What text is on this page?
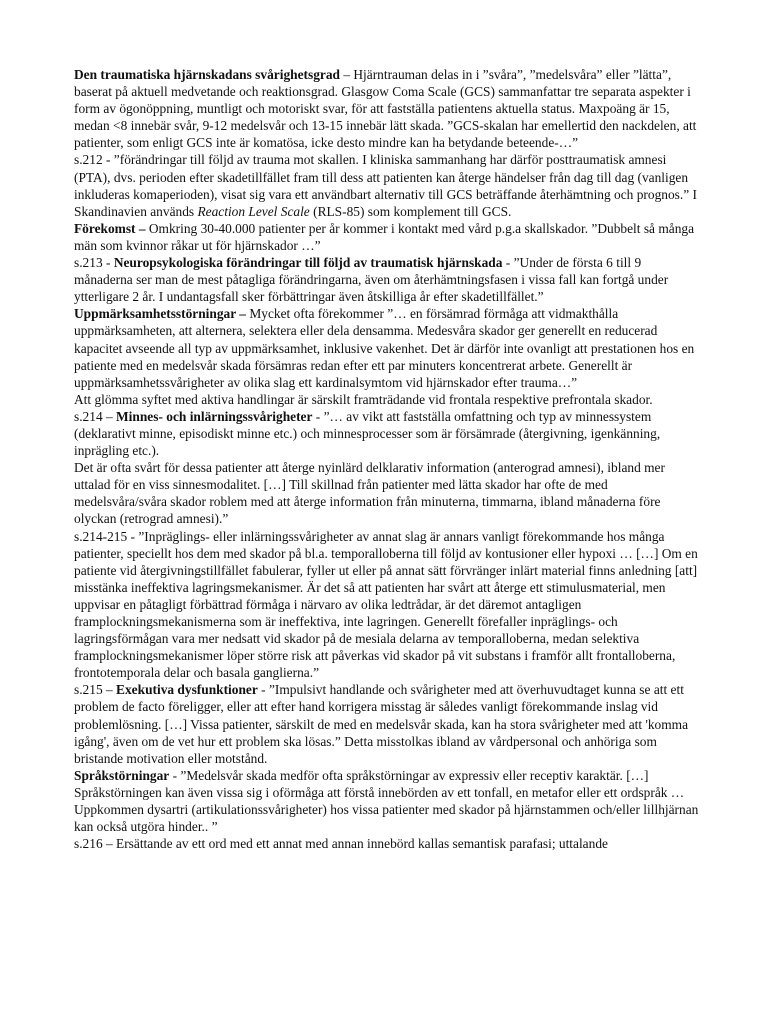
Den traumatiska hjärnskadans svårighetsgrad – Hjärntrauman delas in i ”svåra”, ”medelsvåra” eller ”lätta”, baserat på aktuell medvetande och reaktionsgrad. Glasgow Coma Scale (GCS) sammanfattar tre separata aspekter i form av ögonöppning, muntligt och motoriskt svar, för att fastställa patientens aktuella status. Maxpoäng är 15, medan <8 innebär svår, 9-12 medelsvår och 13-15 innebär lätt skada. ”GCS-skalan har emellertid den nackdelen, att patienter, som enligt GCS inte är komatösa, icke desto mindre kan ha betydande beteende-…”

s.212 - ”förändringar till följd av trauma mot skallen. I kliniska sammanhang har därför posttraumatisk amnesi (PTA), dvs. perioden efter skadetillfället fram till dess att patienten kan återge händelser från dag till dag (vanligen inkluderas komaperioden), visat sig vara ett användbart alternativ till GCS beträffande återhämtning och prognos.” I Skandinavien används Reaction Level Scale (RLS-85) som komplement till GCS.

Förekomst – Omkring 30-40.000 patienter per år kommer i kontakt med vård p.g.a skallskador. ”Dubbelt så många män som kvinnor råkar ut för hjärnskador …”

s.213 - Neuropsykologiska förändringar till följd av traumatisk hjärnskada - ”Under de första 6 till 9 månaderna ser man de mest påtagliga förändringarna, även om återhämtningsfasen i vissa fall kan fortgå under ytterligare 2 år. I undantagsfall sker förbättringar även åtskilliga år efter skadetillfället.”

Uppmärksamhetsstörningar – Mycket ofta förekommer ”… en försämrad förmåga att vidmakthålla uppmärksamheten, att alternera, selektera eller dela densamma. Medesvåra skador ger generellt en reducerad kapacitet avseende all typ av uppmärksamhet, inklusive vakenhet. Det är därför inte ovanligt att prestationen hos en patiente med en medelsvår skada försämras redan efter ett par minuters koncentrerat arbete. Generellt är uppmärksamhetssvårigheter av olika slag ett kardinalsymtom vid hjärnskador efter trauma…”

Att glömma syftet med aktiva handlingar är särskilt framträdande vid frontala respektive prefrontala skador.

s.214 – Minnes- och inlärningssvårigheter - ”… av vikt att fastställa omfattning och typ av minnessystem (deklarativt minne, episodiskt minne etc.) och minnesprocesser som är försämrade (återgivning, igenkänning, inprägling etc.).

Det är ofta svårt för dessa patienter att återge nyinlärd delklarativ information (anterograd amnesi), ibland mer uttalad för en viss sinnesmodalitet. […] Till skillnad från patienter med lätta skador har ofte de med medelsvåra/svåra skador roblem med att återge information från minuterna, timmarna, ibland månaderna före olyckan (retrograd amnesi).”

s.214-215 - ”Inpräglings- eller inlärningssvårigheter av annat slag är annars vanligt förekommande hos många patienter, speciellt hos dem med skador på bl.a. temporalloberna till följd av kontusioner eller hypoxi … […] Om en patiente vid återgivningstillfället fabulerar, fyller ut eller på annat sätt förvränger inlärt material finns anledning [att] misstänka ineffektiva lagringsmekanismer. Är det så att patienten har svårt att återge ett stimulusmaterial, men uppvisar en påtagligt förbättrad förmåga i närvaro av olika ledtrådar, är det däremot antagligen framplockningsmekanismerna som är ineffektiva, inte lagringen. Generellt förefaller inpräglings- och lagringsförmågan vara mer nedsatt vid skador på de mesiala delarna av temporalloberna, medan selektiva framplockningsmekanismer löper större risk att påverkas vid skador på vit substans i framför allt frontalloberna, frontotemporala delar och basala ganglierna.”

s.215 – Exekutiva dysfunktioner - ”Impulsivt handlande och svårigheter med att överhuvudtaget kunna se att ett problem de facto föreligger, eller att efter hand korrigera misstag är således vanligt förekommande inslag vid problemlösning. […] Vissa patienter, särskilt de med en medelsvår skada, kan ha stora svårigheter med att 'komma igång', även om de vet hur ett problem ska lösas.” Detta misstolkas ibland av vårdpersonal och anhöriga som bristande motivation eller motstånd.

Språkstörningar - ”Medelsvår skada medför ofta språkstörningar av expressiv eller receptiv karaktär. […] Språkstörningen kan även vissa sig i oförmåga att förstå innebörden av ett tonfall, en metafor eller ett ordspråk … Uppkommen dysartri (artikulationssvårigheter) hos vissa patienter med skador på hjärnstammen och/eller lillhjärnan kan också utgöra hinder.. ”

s.216 – Ersättande av ett ord med ett annat med annan innebörd kallas semantisk parafasi; uttalande
